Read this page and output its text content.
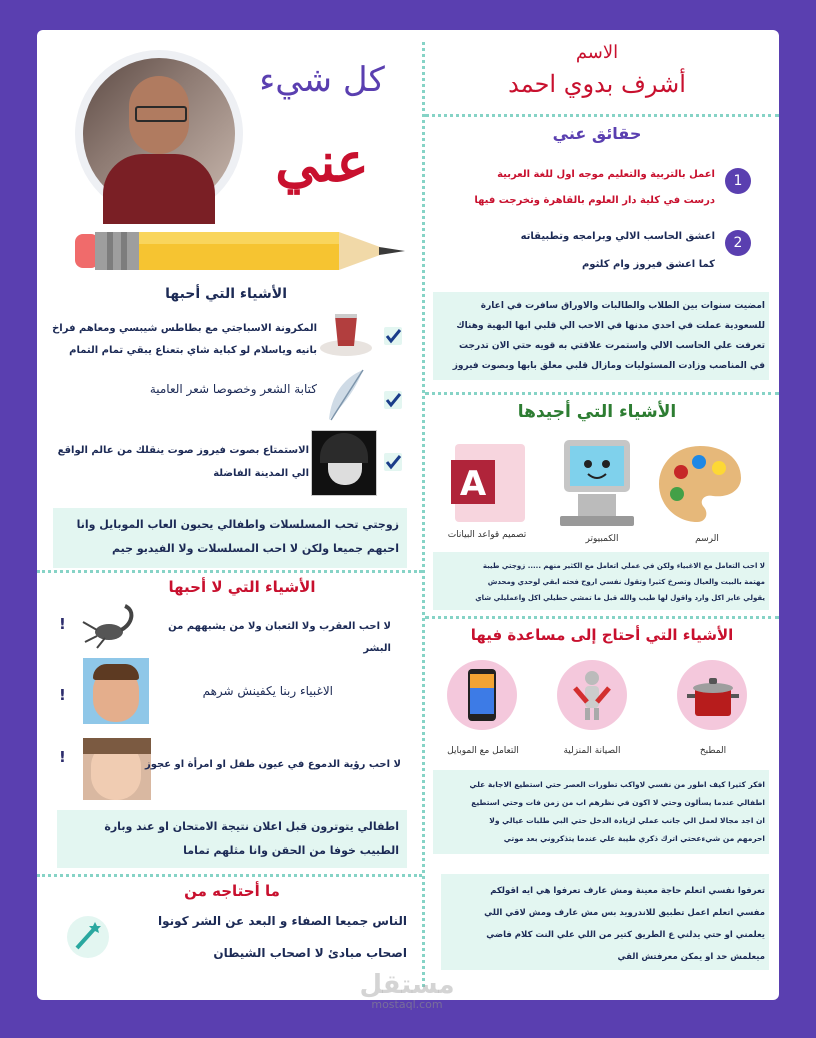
كل شيء
عني
الأشياء التي أحبها
المكرونة الاسباجتي مع بطاطس شيبسي ومعاهم فراخ
بانيه وياسلام لو كباية شاي بتعناع يبقي تمام التمام
كتابة الشعر وخصوصا شعر العامية
الاستمتاع بصوت فيروز صوت ينقلك من عالم الواقع
الي المدينة الفاضلة
زوجتي تحب المسلسلات واطفالي يحبون العاب الموبايل وانا
احبهم جميعا ولكن لا احب المسلسلات ولا الفيديو جيم
الأشياء التي لا أحبها
!	لا احب العقرب ولا الثعبان ولا من يشبههم من
البشر
!	الاغبياء ربنا يكفينش شرهم
!	لا احب رؤية الدموع في عيون طفل او امرأة او عجوز
اطفالي يتوترون قبل اعلان نتيجة الامتحان او عند وبارة
الطبيب خوفا من الحقن وانا مثلهم تماما
ما أحتاجه من
الناس جميعا الصفاء و البعد عن الشر كونوا
اصحاب مبادئ لا اصحاب الشيطان
الاسم
أشرف بدوي احمد
حقائق عني
1
اعمل بالتربية والتعليم موجه اول للغة العربية
درست في كلية دار العلوم بالقاهرة وتخرجت فيها
2
اعشق الحاسب الالي وبرامجه وتطبيقاته
كما اعشق فيروز وام كلثوم
امضيت سنوات بين الطلاب والطالبات والاوراق سافرت في اعارة
للسعودية عملت في احدي مدنها في الاحب الي قلبي ابها البهية وهناك
تعرفت علي الحاسب الالي واستمرت علاقتي به قويه حتي الان تدرجت
في المناصب وزادت المسئوليات ومازال قلبي معلق بابها وبصوت فيروز
الأشياء التي أجيدها
A
تصميم قواعد البيانات	الكمبيوتر	الرسم
لا احب التعامل مع الاغبياء ولكن في عملي اتعامل مع الكثير منهم ..... زوجتي طيبة
مهتمة بالبيت والعيال وتصرخ كثيرا وتقول نفسي اروح فحته ابقي لوحدي ومحدش
يقولي عايز اكل وارد واقول لها طيب والله قبل ما تمشي حطيلي اكل واعمليلي شاي
الأشياء التي أحتاج إلى مساعدة فيها
التعامل مع الموبايل	الصيانة المنزلية	المطبخ
افكر كثيرا كيف اطور من نفسي لاواكب تطورات العصر حتي استطيع الاجابة علي
اطفالي عندما يسألون وحتي لا اكون في نظرهم اب من زمن فات وحتي استطيع
ان اجد مجالا لعمل الي جانب عملي لزيادة الدخل حتي البي طلبات عيالي ولا
احرمهم من شيءعحتي اترك ذكري طيبة علي عندما يتذكروني بعد موتي
تعرفوا نفسي اتعلم حاجة معينة ومش عارف تعرفوا هي ايه اقولكم
مفسي اتعلم اعمل تطبيق للاندرويد بس مش عارف ومش لاقي اللي
يعلمني او حتي يدلني ع الطريق كتير من اللي علي النت كلام فاضي
ميعلمش حد او يمكن معرفتش القي
مستقل
mostaql.com
